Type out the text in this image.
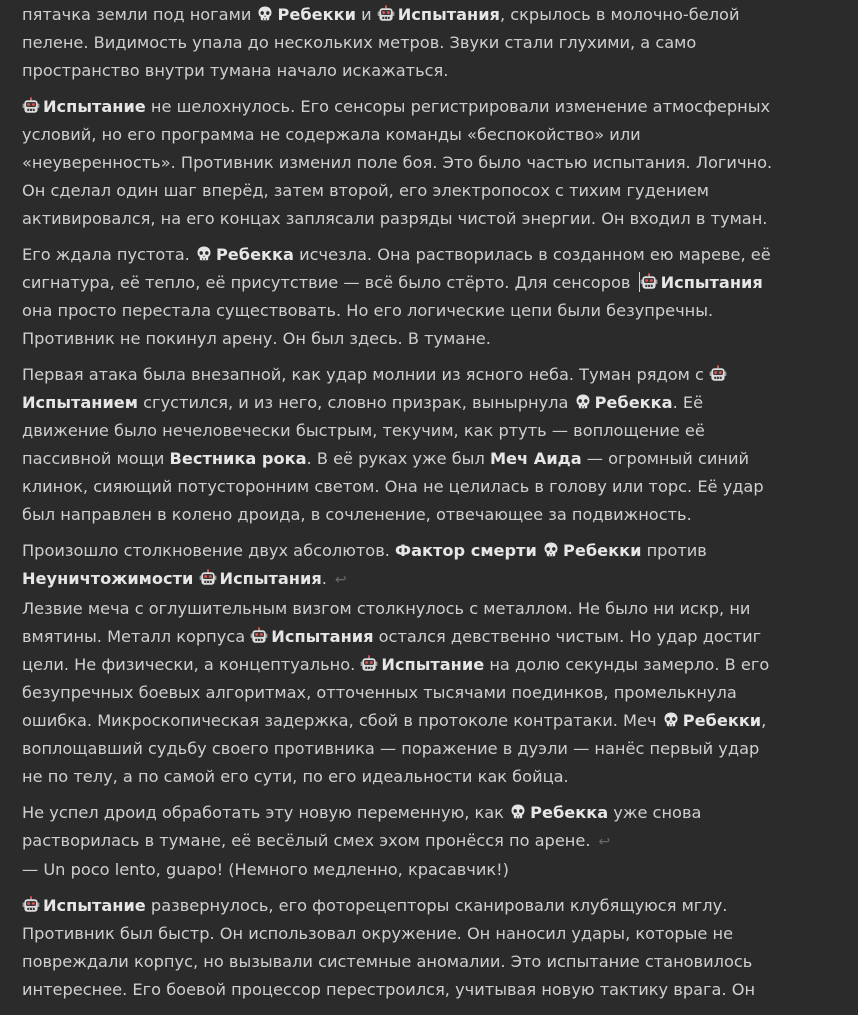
пятачка земли под ногами Ребекки и Испытания, скрылось в молочно-белой пелене. Видимость упала до нескольких метров. Звуки стали глухими, а само пространство внутри тумана начало искажаться.

Испытание не шелохнулось. Его сенсоры регистрировали изменение атмосферных условий, но его программа не содержала команды «беспокойство» или «неуверенность». Противник изменил поле боя. Это было частью испытания. Логично. Он сделал один шаг вперёд, затем второй, его электропосох с тихим гудением активировался, на его концах заплясали разряды чистой энергии. Он входил в туман.

Его ждала пустота. Ребекка исчезла. Она растворилась в созданном ею мареве, её сигнатура, её тепло, её присутствие — всё было стёрто. Для сенсоров Испытания она просто перестала существовать. Но его логические цепи были безупречны.
Противник не покинул арену. Он был здесь. В тумане.

Первая атака была внезапной, как удар молнии из ясного неба. Туман рядом с
Испытанием сгустился, и из него, словно призрак, вынырнула Ребекка. Её движение было нечеловечески быстрым, текучим, как ртуть — воплощение её пассивной мощи Вестника рока. В её руках уже был Меч Аида — огромный синий клинок, сияющий потусторонним светом. Она не целилась в голову или торс. Её удар был направлен в колено дроида, в сочленение, отвечающее за подвижность.

Произошло столкновение двух абсолютов. Фактор смерти Ребекки против
Неуничтожимости Испытания. ↩

Лезвие меча с оглушительным визгом столкнулось с металлом. Не было ни искр, ни вмятины. Металл корпуса Испытания остался девственно чистым. Но удар достиг цели. Не физически, а концептуально. Испытание на долю секунды замерло. В его безупречных боевых алгоритмах, отточенных тысячами поединков, промелькнула ошибка. Микроскопическая задержка, сбой в протоколе контратаки. Меч Ребекки, воплощавший судьбу своего противника — поражение в дуэли — нанёс первый удар не по телу, а по самой его сути, по его идеальности как бойца.

Не успел дроид обработать эту новую переменную, как Ребекка уже снова растворилась в тумане, её весёлый смех эхом пронёсся по арене. ↩
— Un poco lento, guapo! (Немного медленно, красавчик!)

Испытание развернулось, его фоторецепторы сканировали клубящуюся мглу. Противник был быстр. Он использовал окружение. Он наносил удары, которые не повреждали корпус, но вызывали системные аномалии. Это испытание становилось интереснее. Его боевой процессор перестроился, учитывая новую тактику врага. Он
